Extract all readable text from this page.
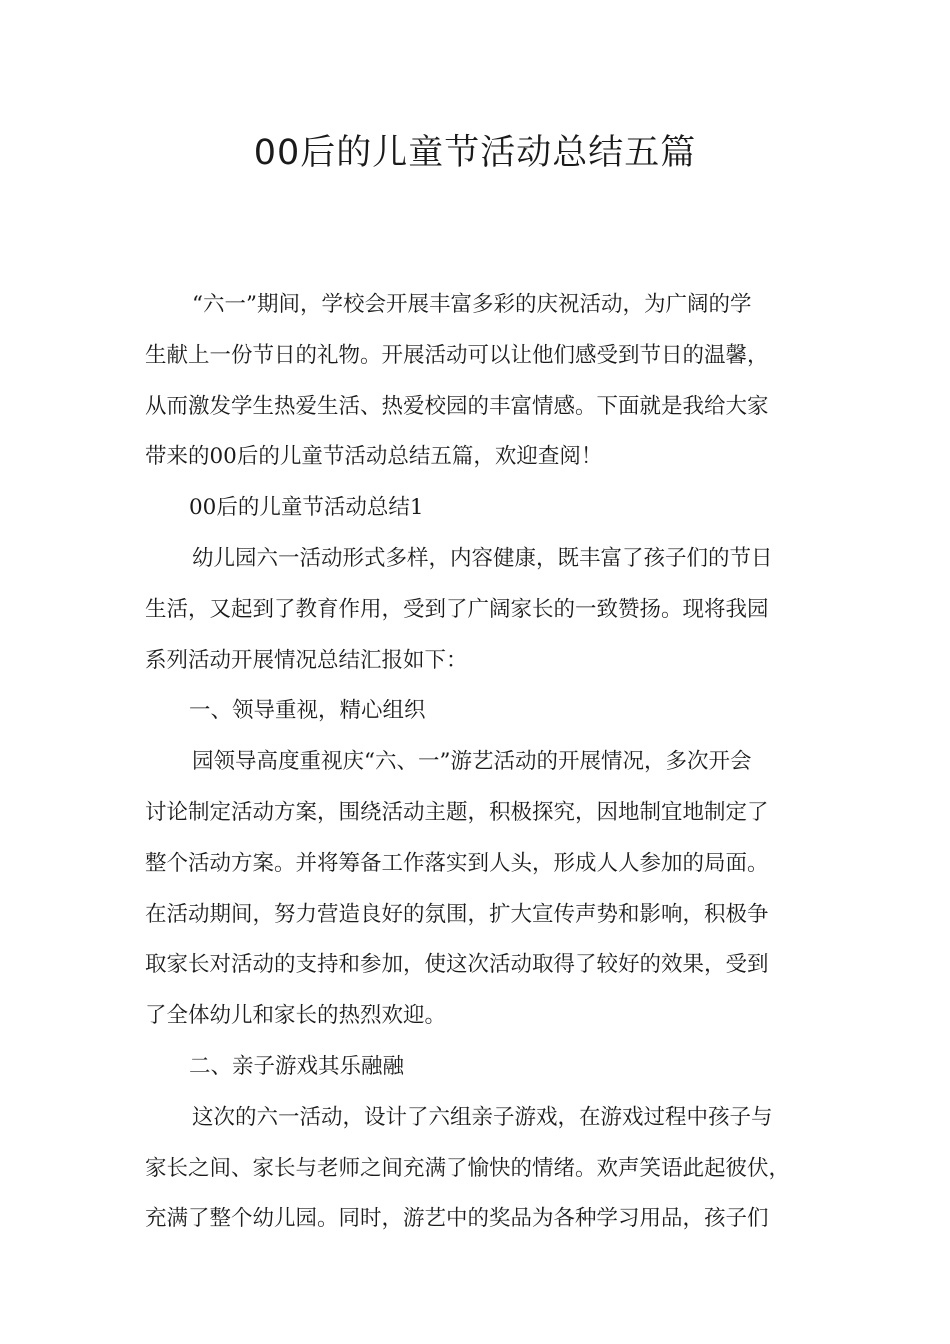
00后的儿童节活动总结五篇
“六一”期间，学校会开展丰富多彩的庆祝活动，为广阔的学
生献上一份节日的礼物。开展活动可以让他们感受到节日的温馨，
从而激发学生热爱生活、热爱校园的丰富情感。下面就是我给大家
带来的00后的儿童节活动总结五篇，欢迎查阅！
00后的儿童节活动总结1
幼儿园六一活动形式多样，内容健康，既丰富了孩子们的节日
生活，又起到了教育作用，受到了广阔家长的一致赞扬。现将我园
系列活动开展情况总结汇报如下：
一、领导重视，精心组织
园领导高度重视庆“六、一”游艺活动的开展情况，多次开会
讨论制定活动方案，围绕活动主题，积极探究，因地制宜地制定了
整个活动方案。并将筹备工作落实到人头，形成人人参加的局面。
在活动期间，努力营造良好的氛围，扩大宣传声势和影响，积极争
取家长对活动的支持和参加，使这次活动取得了较好的效果，受到
了全体幼儿和家长的热烈欢迎。
二、亲子游戏其乐融融
这次的六一活动，设计了六组亲子游戏，在游戏过程中孩子与
家长之间、家长与老师之间充满了愉快的情绪。欢声笑语此起彼伏，
充满了整个幼儿园。同时，游艺中的奖品为各种学习用品，孩子们
